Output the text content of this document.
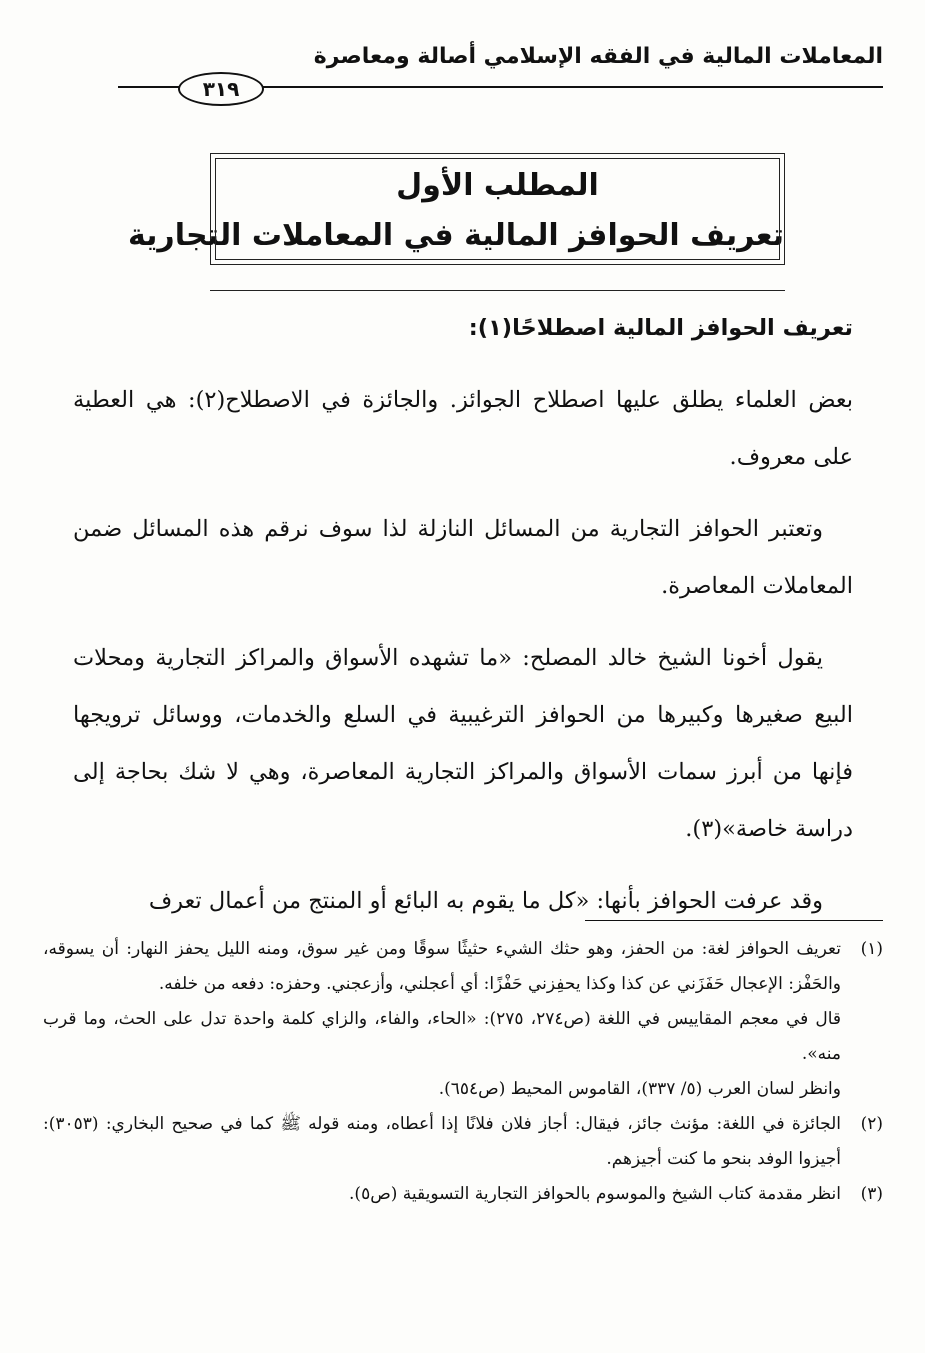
المعاملات المالية في الفقه الإسلامي أصالة ومعاصرة
٣١٩
المطلب الأول
تعريف الحوافز المالية في المعاملات التجارية

تعريف الحوافز المالية اصطلاحًا(١):

بعض العلماء يطلق عليها اصطلاح الجوائز. والجائزة في الاصطلاح(٢): هي العطية على معروف.

وتعتبر الحوافز التجارية من المسائل النازلة لذا سوف نرقم هذه المسائل ضمن المعاملات المعاصرة.

يقول أخونا الشيخ خالد المصلح: «ما تشهده الأسواق والمراكز التجارية ومحلات البيع صغيرها وكبيرها من الحوافز الترغيبية في السلع والخدمات، ووسائل ترويجها فإنها من أبرز سمات الأسواق والمراكز التجارية المعاصرة، وهي لا شك بحاجة إلى دراسة خاصة»(٣).

وقد عرفت الحوافز بأنها: «كل ما يقوم به البائع أو المنتج من أعمال تعرف

(١)
تعريف الحوافز لغة: من الحفز، وهو حثك الشيء حثيثًا سوقًا ومن غير سوق، ومنه الليل يحفز النهار: أن يسوقه، والحَفْز: الإعجال حَفَزَني عن كذا وكذا يحفِزني حَفْزًا: أي أعجلني، وأزعجني. وحفزه: دفعه من خلفه.
قال في معجم المقاييس في اللغة (ص٢٧٤، ٢٧٥): «الحاء، والفاء، والزاي كلمة واحدة تدل على الحث، وما قرب منه».
وانظر لسان العرب (٥/ ٣٣٧)، القاموس المحيط (ص٦٥٤).
(٢)
الجائزة في اللغة: مؤنث جائز، فيقال: أجاز فلان فلانًا إذا أعطاه، ومنه قوله ﷺ كما في صحيح البخاري: (٣٠٥٣): أجيزوا الوفد بنحو ما كنت أجيزهم.
(٣)
انظر مقدمة كتاب الشيخ والموسوم بالحوافز التجارية التسويقية (ص٥).
